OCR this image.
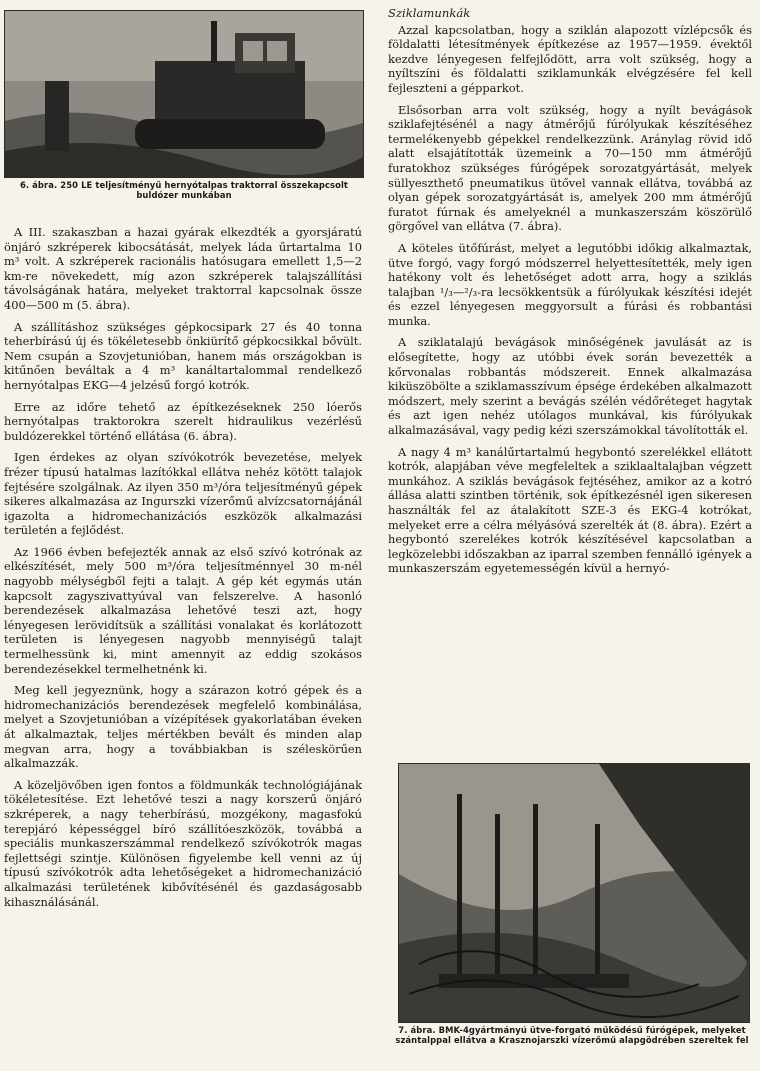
6. ábra. 250 LE teljesítményű hernyótalpas traktorral összekapcsolt buldózer munkában

A III. szakaszban a hazai gyárak elkezdték a gyorsjáratú önjáró szkréperek kibocsátását, melyek láda űrtartalma 10 m³ volt. A szkréperek racionális hatósugara emellett 1,5—2 km-re növekedett, míg azon szkréperek talajszállítási távolságának határa, melyeket traktorral kapcsolnak össze 400—500 m (5. ábra).

A szállításhoz szükséges gépkocsipark 27 és 40 tonna teherbírású új és tökéletesebb önkiürítő gépkocsikkal bővült. Nem csupán a Szovjetunióban, hanem más országokban is kitűnően beváltak a 4 m³ kanáltartalommal rendelkező hernyótalpas EKG—4 jelzésű forgó kotrók.

Erre az időre tehető az építkezéseknek 250 lóerős hernyótalpas traktorokra szerelt hidraulikus vezérlésű buldózerekkel történő ellátása (6. ábra).

Igen érdekes az olyan szívókotrók bevezetése, melyek frézer típusú hatalmas lazítókkal ellátva nehéz kötött talajok fejtésére szolgálnak. Az ilyen 350 m³/óra teljesítményű gépek sikeres alkalmazása az Ingurszki vízerőmű alvízcsatornájánál igazolta a hidromechanizációs eszközök alkalmazási területén a fejlődést.

Az 1966 évben befejezték annak az első szívó kotrónak az elkészítését, mely 500 m³/óra teljesítménnyel 30 m-nél nagyobb mélységből fejti a talajt. A gép két egymás után kapcsolt zagyszivattyúval van felszerelve. A hasonló berendezések alkalmazása lehetővé teszi azt, hogy lényegesen lerövidítsük a szállítási vonalakat és korlátozott területen is lényegesen nagyobb mennyiségű talajt termelhessünk ki, mint amennyit az eddig szokásos berendezésekkel termelhetnénk ki.

Meg kell jegyeznünk, hogy a szárazon kotró gépek és a hidromechanizációs berendezések megfelelő kombinálása, melyet a Szovjetunióban a vízépítések gyakorlatában éveken át alkalmaztak, teljes mértékben bevált és minden alap megvan arra, hogy a továbbiakban is széleskörűen alkalmazzák.

A közeljövőben igen fontos a földmunkák technológiájának tökéletesítése. Ezt lehetővé teszi a nagy korszerű önjáró szkréperek, a nagy teherbírású, mozgékony, magasfokú terepjáró képességgel bíró szállítóeszközök, továbbá a speciális munkaszerszámmal rendelkező szívókotrók magas fejlettségi szintje. Különösen figyelembe kell venni az új típusú szívókotrók adta lehetőségeket a hidromechanizáció alkalmazási területének kibővítésénél és gazdaságosabb kihasználásánál.

Sziklamunkák

Azzal kapcsolatban, hogy a sziklán alapozott vízlépcsők és földalatti létesítmények építkezése az 1957—1959. évektől kezdve lényegesen felfejlődött, arra volt szükség, hogy a nyíltszíni és földalatti sziklamunkák elvégzésére fel kell fejleszteni a gépparkot.

Elsősorban arra volt szükség, hogy a nyílt bevágások sziklafejtésénél a nagy átmérőjű fúrólyukak készítéséhez termelékenyebb gépekkel rendelkezzünk. Aránylag rövid idő alatt elsajátították üzemeink a 70—150 mm átmérőjű furatokhoz szükséges fúrógépek sorozatgyártását, melyek süllyeszthető pneumatikus ütővel vannak ellátva, továbbá az olyan gépek sorozatgyártását is, amelyek 200 mm átmérőjű furatot fúrnak és amelyeknél a munkaszerszám köszörülő görgővel van ellátva (7. ábra).

A köteles ütőfúrást, melyet a legutóbbi időkig alkalmaztak, ütve forgó, vagy forgó módszerrel helyettesítették, mely igen hatékony volt és lehetőséget adott arra, hogy a sziklás talajban ¹/₃—²/₃-ra lecsökkentsük a fúrólyukak készítési idejét és ezzel lényegesen meggyorsult a fúrási és robbantási munka.

A sziklatalajú bevágások minőségének javulását az is elősegítette, hogy az utóbbi évek során bevezették a kőrvonalas robbantás módszereit. Ennek alkalmazása kiküszöbölte a sziklamasszívum épsége érdekében alkalmazott módszert, mely szerint a bevágás szélén védőréteget hagytak és azt igen nehéz utólagos munkával, kis fúrólyukak alkalmazásával, vagy pedig kézi szerszámokkal távolították el.

A nagy 4 m³ kanálűrtartalmú hegybontó szerelékkel ellátott kotrók, alapjában véve megfeleltek a sziklaaltalajban végzett munkához. A sziklás bevágások fejtéséhez, amikor az a kotró állása alatti szintben történik, sok építkezésnél igen sikeresen használták fel az átalakított SZE-3 és EKG-4 kotrókat, melyeket erre a célra mélyásóvá szerelték át (8. ábra). Ezért a hegybontó szerelékes kotrók készítésével kapcsolatban a legközelebbi időszakban az iparral szemben fennálló igények a munkaszerszám egyetemességén kívül a hernyó-

7. ábra. BMK-4gyártmányú ütve-forgató működésű fúrógépek, melyeket szántalppal ellátva a Krasznojarszki vízerőmű alapgödrében szereltek fel
